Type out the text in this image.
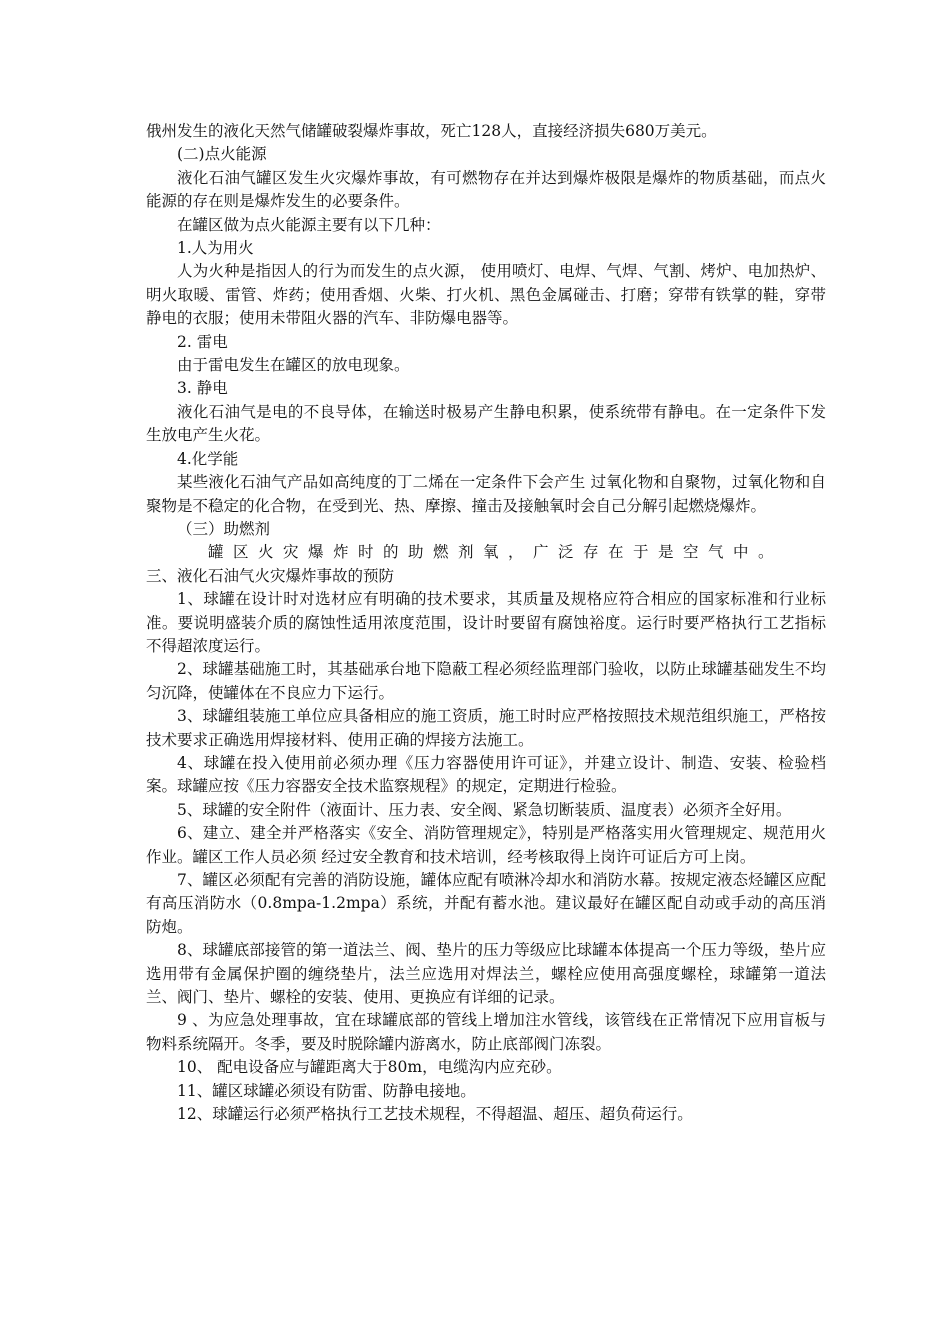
俄州发生的液化天然气储罐破裂爆炸事故，死亡128人，直接经济损失680万美元。

(二)点火能源

液化石油气罐区发生火灾爆炸事故，有可燃物存在并达到爆炸极限是爆炸的物质基础，而点火能源的存在则是爆炸发生的必要条件。

在罐区做为点火能源主要有以下几种：

1.人为用火

人为火种是指因人的行为而发生的点火源， 使用喷灯、电焊、气焊、气割、烤炉、电加热炉、明火取暖、雷管、炸药；使用香烟、火柴、打火机、黑色金属碰击、打磨；穿带有铁掌的鞋，穿带静电的衣服；使用未带阻火器的汽车、非防爆电器等。

2. 雷电

由于雷电发生在罐区的放电现象。

3. 静电

液化石油气是电的不良导体，在输送时极易产生静电积累，使系统带有静电。在一定条件下发生放电产生火花。

4.化学能

某些液化石油气产品如高纯度的丁二烯在一定条件下会产生 过氧化物和自聚物，过氧化物和自聚物是不稳定的化合物，在受到光、热、摩擦、撞击及接触氧时会自己分解引起燃烧爆炸。

（三）助燃剂

罐区火灾爆炸时的助燃剂氧，广泛存在于是空气中。

三、液化石油气火灾爆炸事故的预防

1、球罐在设计时对选材应有明确的技术要求，其质量及规格应符合相应的国家标准和行业标准。要说明盛装介质的腐蚀性适用浓度范围，设计时要留有腐蚀裕度。运行时要严格执行工艺指标不得超浓度运行。

2、球罐基础施工时，其基础承台地下隐蔽工程必须经监理部门验收，以防止球罐基础发生不均匀沉降，使罐体在不良应力下运行。

3、球罐组装施工单位应具备相应的施工资质，施工时时应严格按照技术规范组织施工，严格按技术要求正确选用焊接材料、使用正确的焊接方法施工。

4、球罐在投入使用前必须办理《压力容器使用许可证》，并建立设计、制造、安装、检验档案。球罐应按《压力容器安全技术监察规程》的规定，定期进行检验。

5、球罐的安全附件（液面计、压力表、安全阀、紧急切断装质、温度表）必须齐全好用。

6、建立、建全并严格落实《安全、消防管理规定》，特别是严格落实用火管理规定、规范用火作业。罐区工作人员必须 经过安全教育和技术培训，经考核取得上岗许可证后方可上岗。

7、罐区必须配有完善的消防设施，罐体应配有喷淋冷却水和消防水幕。按规定液态烃罐区应配有高压消防水（0.8mpa-1.2mpa）系统，并配有蓄水池。建议最好在罐区配自动或手动的高压消防炮。

8、球罐底部接管的第一道法兰、阀、垫片的压力等级应比球罐本体提高一个压力等级，垫片应选用带有金属保护圈的缠绕垫片，法兰应选用对焊法兰，螺栓应使用高强度螺栓，球罐第一道法兰、阀门、垫片、螺栓的安装、使用、更换应有详细的记录。

9 、为应急处理事故，宜在球罐底部的管线上增加注水管线，该管线在正常情况下应用盲板与物料系统隔开。冬季，要及时脱除罐内游离水，防止底部阀门冻裂。

10、 配电设备应与罐距离大于80m，电缆沟内应充砂。

11、罐区球罐必须设有防雷、防静电接地。

12、球罐运行必须严格执行工艺技术规程，不得超温、超压、超负荷运行。
